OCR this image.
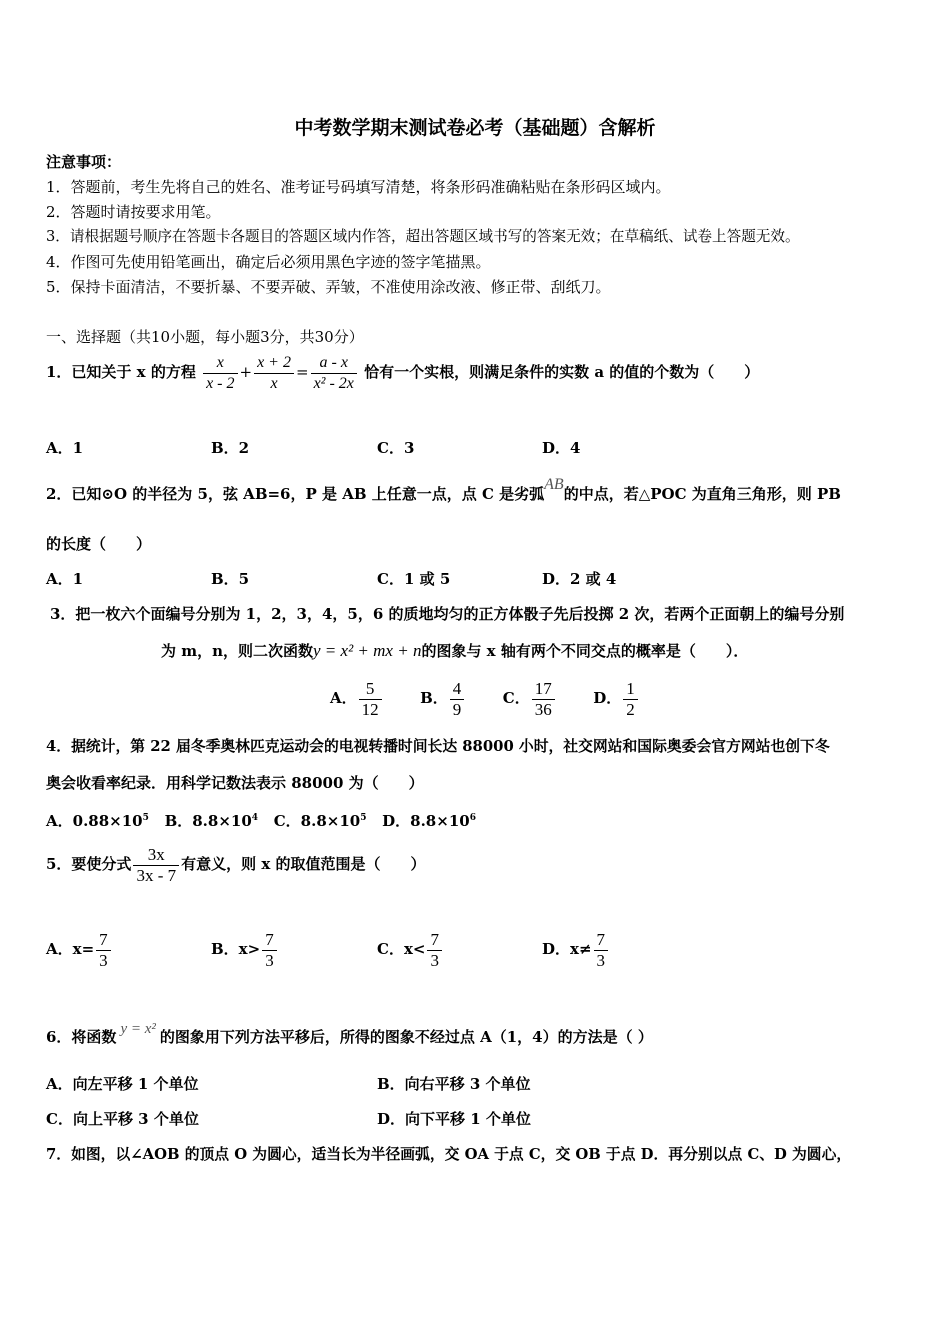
中考数学期末测试卷必考（基础题）含解析
注意事项：
1．答题前，考生先将自己的姓名、准考证号码填写清楚，将条形码准确粘贴在条形码区域内。
2．答题时请按要求用笔。
3．请根据题号顺序在答题卡各题目的答题区域内作答，超出答题区域书写的答案无效；在草稿纸、试卷上答题无效。
4．作图可先使用铅笔画出，确定后必须用黑色字迹的签字笔描黑。
5．保持卡面清洁，不要折暴、不要弄破、弄皱，不准使用涂改液、修正带、刮纸刀。
一、选择题（共10小题，每小题3分，共30分）
1．已知关于 x 的方程 $\frac{x}{x - 2} + \frac{x + 2}{x} = \frac{a - x}{\text{x² - 2x}}$ 恰有一个实根，则满足条件的实数 a 的值的个数为（　　）
A．1	B．2	C．3	D．4
2．已知⊙O 的半径为 5，弦 AB=6，P 是 AB 上任意一点，点 C 是劣弧AB的中点，若△POC 为直角三角形，则 PB
的长度（　　）
A．1	B．5	C．1 或 5	D．2 或 4
3．把一枚六个面编号分别为 1，2，3，4，5，6 的质地均匀的正方体骰子先后投掷 2 次，若两个正面朝上的编号分别
为 m，n，则二次函数y = x² + mx + n的图象与 x 轴有两个不同交点的概率是（　　）．
A． $\frac{5}{12}$	B． $\frac{4}{9}$	C． $\frac{17}{36}$	D． $\frac{1}{2}$
4．据统计，第 22 届冬季奥林匹克运动会的电视转播时间长达 88000 小时，社交网站和国际奥委会官方网站也创下冬
奥会收看率纪录．用科学记数法表示 88000 为（　　）
A．$0.88\times 10^5$ B．$8.8\times 10^4$ C．$8.8\times 10^5$ D．$8.8\times 10^6$
5．要使分式 $\frac{3x}{3x - 7}$ 有意义，则 x 的取值范围是（　　）
A．$x= \frac{7}{3}$	B．$x> \frac{7}{3}$	C．$x< \frac{7}{3}$	D．$x\ne \frac{7}{3}$
6．将函数 y = x² 的图象用下列方法平移后，所得的图象不经过点 A（1，4）的方法是（ ）
A．向左平移 1 个单位	B．向右平移 3 个单位
C．向上平移 3 个单位	D．向下平移 1 个单位
7．如图，以∠AOB 的顶点 O 为圆心，适当长为半径画弧，交 OA 于点 C，交 OB 于点 D．再分别以点 C、D 为圆心，
